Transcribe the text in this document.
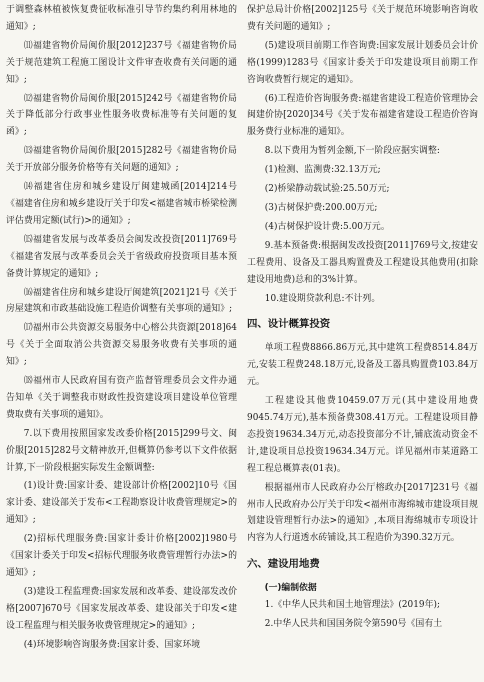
于调整森林植被恢复费征收标准引导节约集约利用林地的通知》;

⑾福建省物价局闽价服[2012]237号《福建省物价局关于规范建筑工程施工图设计文件审查收费有关问题的通知》;

⑿福建省物价局闽价服[2015]242号《福建省物价局关于降低部分行政事业性服务收费标准等有关问题的复函》;

⒀福建省物价局闽价服[2015]282号《福建省物价局关于开放部分服务价格等有关问题的通知》;

⒁福建省住房和城乡建设厅闽建城函[2014]214号《福建省住房和城乡建设厅关于印发<福建省城市桥梁检测评估费用定额(试行)>的通知》;

⒂福建省发展与改革委员会闽发改投资[2011]769号《福建省发展与改革委员会关于省级政府投资项目基本预备费计算规定的通知》;

⒃福建省住房和城乡建设厅闽建筑[2021]21号《关于房屋建筑和市政基础设施工程造价调整有关事项的通知》;

⒄福州市公共资源交易服务中心榕公共资源[2018]64号《关于全面取消公共资源交易服务收费有关事项的通知》;

⒅福州市人民政府国有资产监督管理委员会文件办通告知单《关于调整我市财政性投资建设项目建设单位管理费取费有关事项的通知》。

7.以下费用按照国家发改委价格[2015]299号文、闽价服[2015]282号文精神放开,但概算仍参考以下文件依据计算,下一阶段根据实际发生金额调整:

(1)设计费:国家计委、建设部计价格[2002]10号《国家计委、建设部关于发布<工程勘察设计收费管理规定>的通知》;

(2)招标代理服务费:国家计委计价格[2002]1980号《国家计委关于印发<招标代理服务收费管理暂行办法>的通知》;

(3)建设工程监理费:国家发展和改革委、建设部发改价格[2007]670号《国家发展改革委、建设部关于印发<建设工程监理与相关服务收费管理规定>的通知》;

(4)环境影响咨询服务费:国家计委、国家环境

保护总局计价格[2002]125号《关于规范环境影响咨询收费有关问题的通知》;

(5)建设项目前期工作咨询费:国家发展计划委员会计价格(1999)1283号《国家计委关于印发建设项目前期工作咨询收费暂行规定的通知》。

(6)工程造价咨询服务费:福建省建设工程造价管理协会闽建价协[2020]34号《关于发布福建省建设工程造价咨询服务费行业标准的通知》。

8.以下费用为暂列金额,下一阶段应据实调整:

(1)检测、监测费:32.13万元;

(2)桥梁静动载试验:25.50万元;

(3)古树保护费:200.00万元;

(4)古树保护设计费:5.00万元。

9.基本预备费:根据闽发改投资[2011]769号文,按建安工程费用、设备及工器具购置费及工程建设其他费用(扣除建设用地费)总和的3%计算。

10.建设期贷款利息:不计列。

四、设计概算投资

单项工程费8866.86万元,其中建筑工程费8514.84万元,安装工程费248.18万元,设备及工器具购置费103.84万元。

工程建设其他费10459.07万元(其中建设用地费9045.74万元),基本预备费308.41万元。工程建设项目静态投资19634.34万元,动态投资部分不计,铺底流动资金不计,建设项目总投资19634.34万元。详见福州市某道路工程工程总概算表(01表)。

根据福州市人民政府办公厅榕政办[2017]231号《福州市人民政府办公厅关于印发<福州市海绵城市建设项目规划建设管理暂行办法>的通知》,本项目海绵城市专项设计内容为人行道透水砖铺设,其工程造价为390.32万元。

六、建设用地费
(一)编制依据

1.《中华人民共和国土地管理法》(2019年);

2.中华人民共和国国务院令第590号《国有土
